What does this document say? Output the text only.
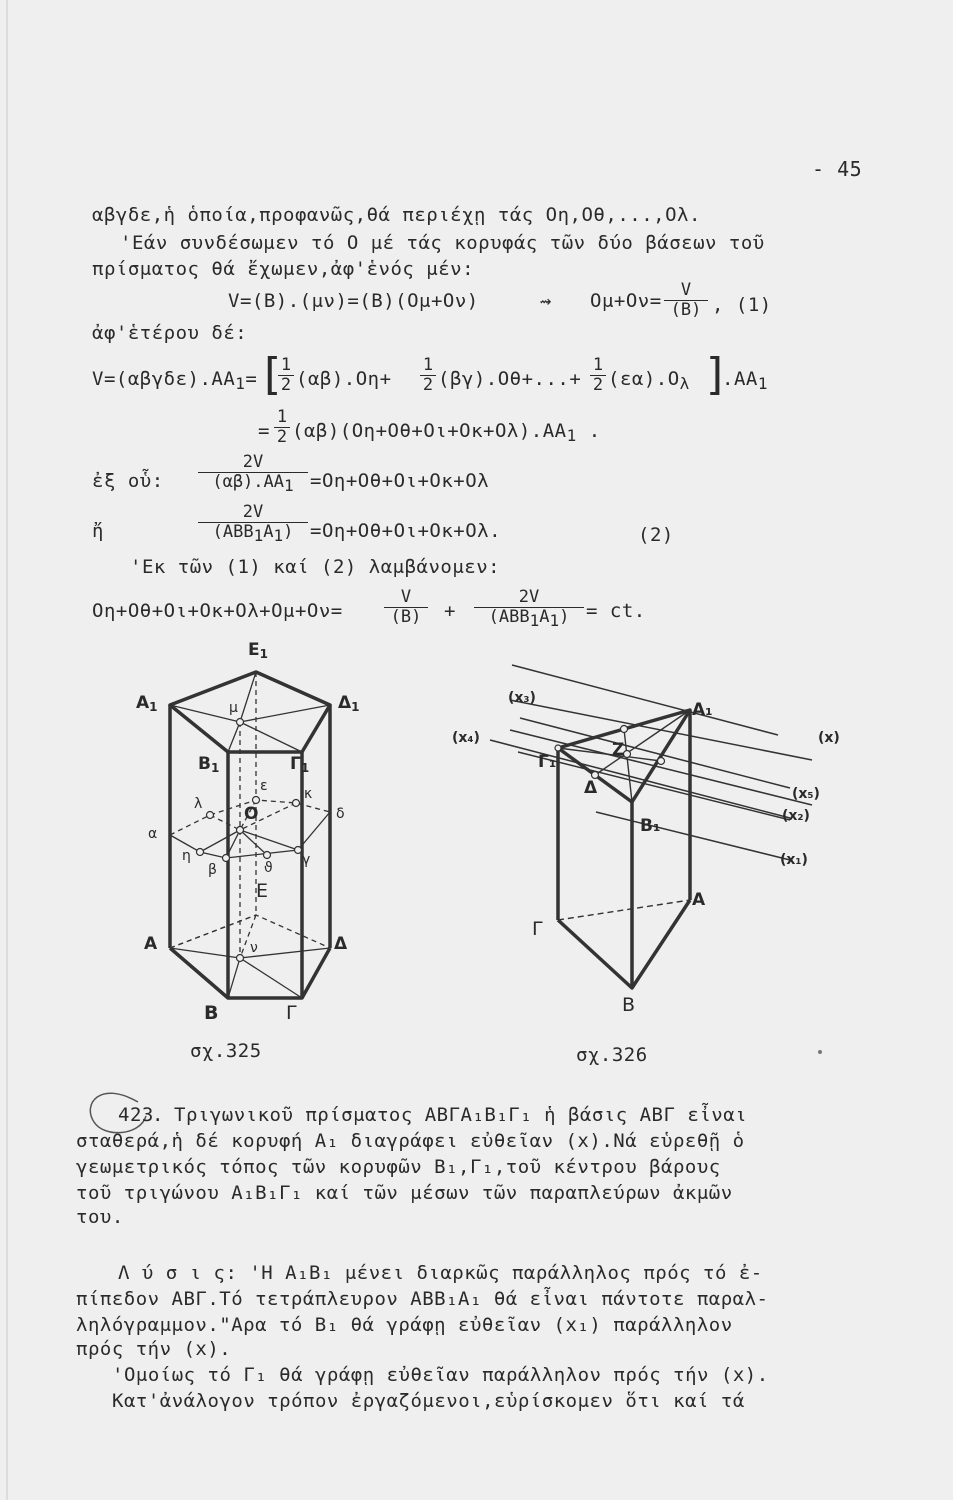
- 45
αβγδε,ἡ ὁποία,προφανῶς,θά περιέχῃ τάς Οη,Οθ,...,Ολ.
'Εάν συνδέσωμεν τό Ο μέ τάς κορυφάς τῶν δύο βάσεων τοῦ
πρίσματος θά ἔχωμεν,ἀφ'ἑνός μέν:
V=(B).(μν)=(B)(Ομ+Ον)	⇝ $O\mu+O\nu= \frac{V}{(B)}$ , (1)
ἀφ'ἑτέρου δέ:
$V=(\alpha\beta\gamma\delta\varepsilon).AA_1=$ [
$\frac{1}{2} (\alpha\beta).O\eta+ \frac{1}{2} (\beta\gamma).O\theta+...+ \frac{1}{2} (\varepsilon\alpha).O_\lambda$ ]
$.AA_1$
= $\frac{1}{2} (\alpha\beta)(O\eta+O\theta+O\iota+O\kappa+O\lambda).AA_1$ .
ἐξ οὗ: $\frac{2V}{(\alpha\beta).AA1} =O\eta+O\theta+O\iota+O\kappa+O\lambda$
ἤ
2V
(ΑΒΒ1A1) =Οη+Οθ+Οι+Οκ+Ολ.	(2)
'Εκ τῶν (1) καί (2) λαμβάνομεν:
$O\eta+O\theta+O\iota+O\kappa+O\lambda+O\mu+O\nu= \frac{V}{(B)}$ +
2V
(ΑΒΒ1A1) = ct.
E1
A1	Δ1
μ
B1	Γ1
ε
λ O
κ
δ
α
η
β	ϑ γ
E
ν
A	Δ
B	Γ
σχ.325
(x₃)
(x₄)
A₁
(x)
Γ₁
Z
Δ	(x₅)
(x₂)
B₁
(x₁)
A
Γ
B
σχ.326
423
. Τριγωνικοῦ πρίσματος ΑΒΓΑ₁Β₁Γ₁ ἡ βάσις ΑΒΓ εἶναι
σταθερά,ἡ δέ κορυφή Α₁ διαγράφει εὐθεῖαν (x).Νά εὑρεθῇ ὁ
γεωμετρικός τόπος τῶν κορυφῶν Β₁,Γ₁,τοῦ κέντρου βάρους
τοῦ τριγώνου Α₁Β₁Γ₁ καί τῶν μέσων τῶν παραπλεύρων ἀκμῶν
του.
Λ ύ σ ι ς: 'Η Α₁Β₁ μένει διαρκῶς παράλληλος πρός τό ἐ-
πίπεδον ΑΒΓ.Τό τετράπλευρον ΑΒΒ₁Α₁ θά εἶναι πάντοτε παραλ-
ληλόγραμμον."Αρα τό Β₁ θά γράφῃ εὐθεῖαν (x₁) παράλληλον
πρός τήν (x).
'Ομοίως τό Γ₁ θά γράφῃ εὐθεῖαν παράλληλον πρός τήν (x).
Κατ'ἀνάλογον τρόπον ἐργαζόμενοι,εὑρίσκομεν ὅτι καί τά
